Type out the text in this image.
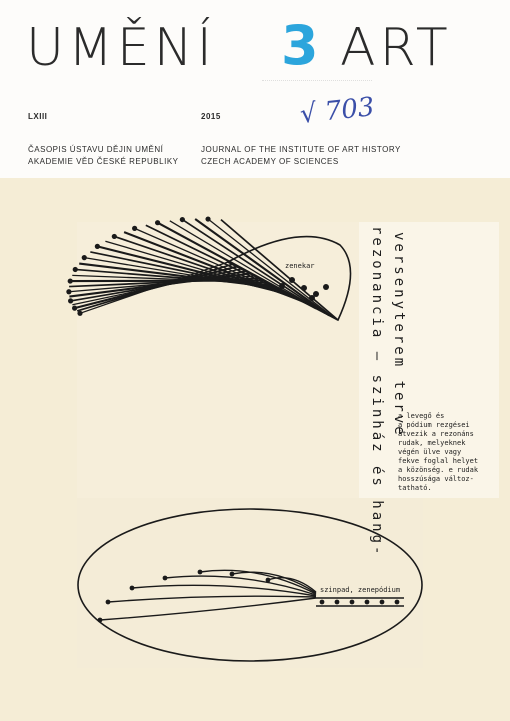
UMĚNÍ 3 ART
LXIII	2015
ČASOPIS ÚSTAVU DĚJIN UMĚNÍ
AKADEMIE VĚD ČESKÉ REPUBLIKY
JOURNAL OF THE INSTITUTE OF ART HISTORY
CZECH ACADEMY OF SCIENCES
√ 703
zenekar
szinpad, zenepódium
rezonancia – szinház és hang- versenyterem terve
a levegő és
a pódium rezgései
átvezik a rezonáns
rudak, melyeknek
végén ülve vagy
fekve foglal helyet
a közönség. e rudak
hosszúsága változ-
tatható.
